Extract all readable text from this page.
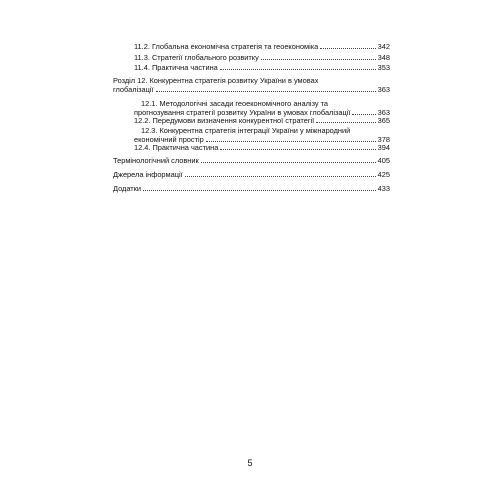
11.2. Глобальна економічна стратегія та геоекономіка	342
11.3. Стратегії глобального розвитку	348
11.4. Практична частина	353
Розділ 12. Конкурентна стратегія розвитку України в умовах
глобалізації	363
12.1. Методологічні засади геоекономічного аналізу та
прогнозування стратегії розвитку України в умовах глобалізації	363
12.2. Передумови визначення конкурентної стратегії	365
12.3. Конкурентна стратегія інтеграції України у міжнародний
економічний простір	378
12.4. Практична частина	394
Термінологічний словник	405
Джерела інформації	425
Додатки	433
5
